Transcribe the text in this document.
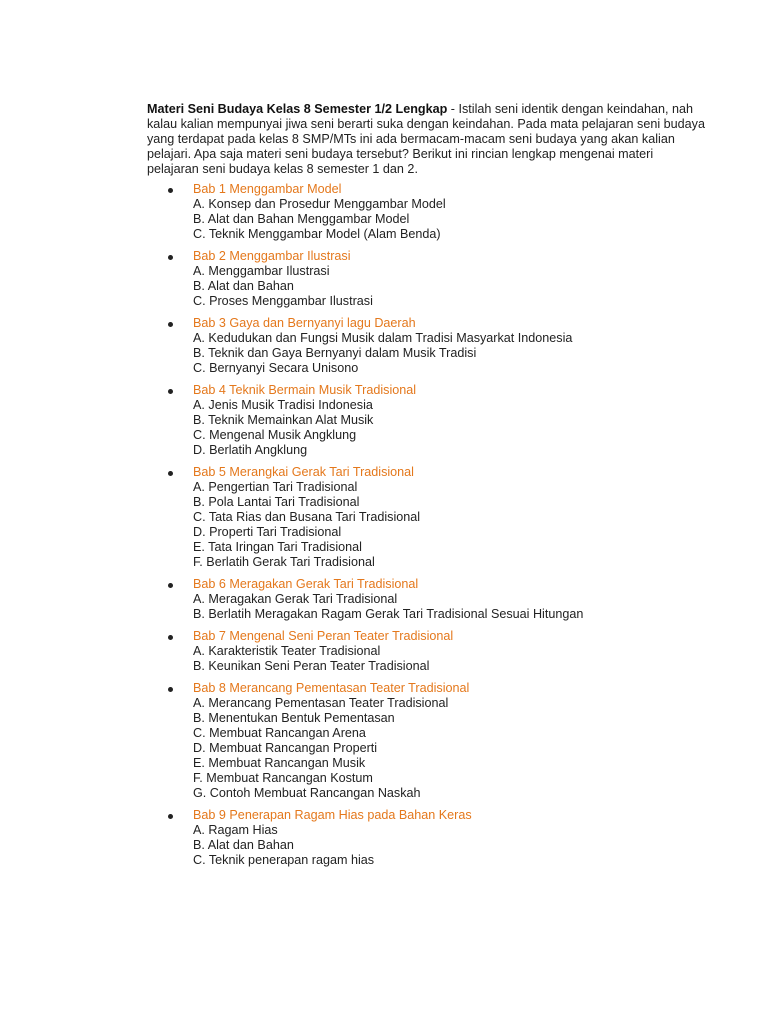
Materi Seni Budaya Kelas 8 Semester 1/2 Lengkap - Istilah seni identik dengan keindahan, nah kalau kalian mempunyai jiwa seni berarti suka dengan keindahan. Pada mata pelajaran seni budaya yang terdapat pada kelas 8 SMP/MTs ini ada bermacam-macam seni budaya yang akan kalian pelajari. Apa saja materi seni budaya tersebut? Berikut ini rincian lengkap mengenai materi pelajaran seni budaya kelas 8 semester 1 dan 2.

Bab 1 Menggambar Model
A. Konsep dan Prosedur Menggambar Model
B. Alat dan Bahan Menggambar Model
C. Teknik Menggambar Model (Alam Benda)
Bab 2 Menggambar Ilustrasi
A. Menggambar Ilustrasi
B. Alat dan Bahan
C. Proses Menggambar Ilustrasi
Bab 3 Gaya dan Bernyanyi lagu Daerah
A. Kedudukan dan Fungsi Musik dalam Tradisi Masyarkat Indonesia
B. Teknik dan Gaya Bernyanyi dalam Musik Tradisi
C. Bernyanyi Secara Unisono
Bab 4 Teknik Bermain Musik Tradisional
A. Jenis Musik Tradisi Indonesia
B. Teknik Memainkan Alat Musik
C. Mengenal Musik Angklung
D. Berlatih Angklung
Bab 5 Merangkai Gerak Tari Tradisional
A. Pengertian Tari Tradisional
B. Pola Lantai Tari Tradisional
C. Tata Rias dan Busana Tari Tradisional
D. Properti Tari Tradisional
E. Tata Iringan Tari Tradisional
F. Berlatih Gerak Tari Tradisional
Bab 6 Meragakan Gerak Tari Tradisional
A. Meragakan Gerak Tari Tradisional
B. Berlatih Meragakan Ragam Gerak Tari Tradisional Sesuai Hitungan
Bab 7 Mengenal Seni Peran Teater Tradisional
A. Karakteristik Teater Tradisional
B. Keunikan Seni Peran Teater Tradisional
Bab 8 Merancang Pementasan Teater Tradisional
A. Merancang Pementasan Teater Tradisional
B. Menentukan Bentuk Pementasan
C. Membuat Rancangan Arena
D. Membuat Rancangan Properti
E. Membuat Rancangan Musik
F. Membuat Rancangan Kostum
G. Contoh Membuat Rancangan Naskah
Bab 9 Penerapan Ragam Hias pada Bahan Keras
A. Ragam Hias
B. Alat dan Bahan
C. Teknik penerapan ragam hias
